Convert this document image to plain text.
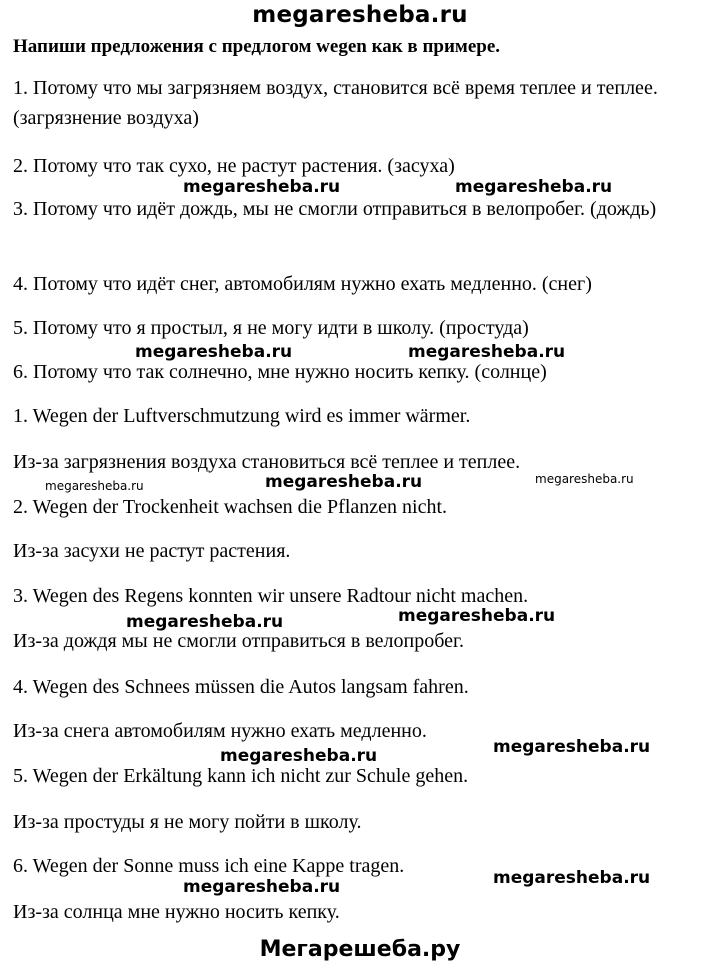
megaresheba.ru
Напиши предложения с предлогом wegen как в примере.
1. Потому что мы загрязняем воздух, становится всё время теплее и теплее. (загрязнение воздуха)
2. Потому что так сухо, не растут растения. (засуха)
3. Потому что идёт дождь, мы не смогли отправиться в велопробег. (дождь)
4. Потому что идёт снег, автомобилям нужно ехать медленно. (снег)
5. Потому что я простыл, я не могу идти в школу. (простуда)
6. Потому что так солнечно, мне нужно носить кепку. (солнце)
1. Wegen der Luftverschmutzung wird es immer wärmer.
Из-за загрязнения воздуха становиться всё теплее и теплее.
2. Wegen der Trockenheit wachsen die Pflanzen nicht.
Из-за засухи не растут растения.
3. Wegen des Regens konnten wir unsere Radtour nicht machen.
Из-за дождя мы не смогли отправиться в велопробег.
4. Wegen des Schnees müssen die Autos langsam fahren.
Из-за снега автомобилям нужно ехать медленно.
5. Wegen der Erkältung kann ich nicht zur Schule gehen.
Из-за простуды я не могу пойти в школу.
6. Wegen der Sonne muss ich eine Kappe tragen.
Из-за солнца мне нужно носить кепку.
megaresheba.ru	megaresheba.ru
megaresheba.ru	megaresheba.ru
megaresheba.ru	megaresheba.ru	megaresheba.ru
megaresheba.ru	megaresheba.ru
megaresheba.ru	megaresheba.ru
megaresheba.ru	megaresheba.ru
Мегарешеба.ру
